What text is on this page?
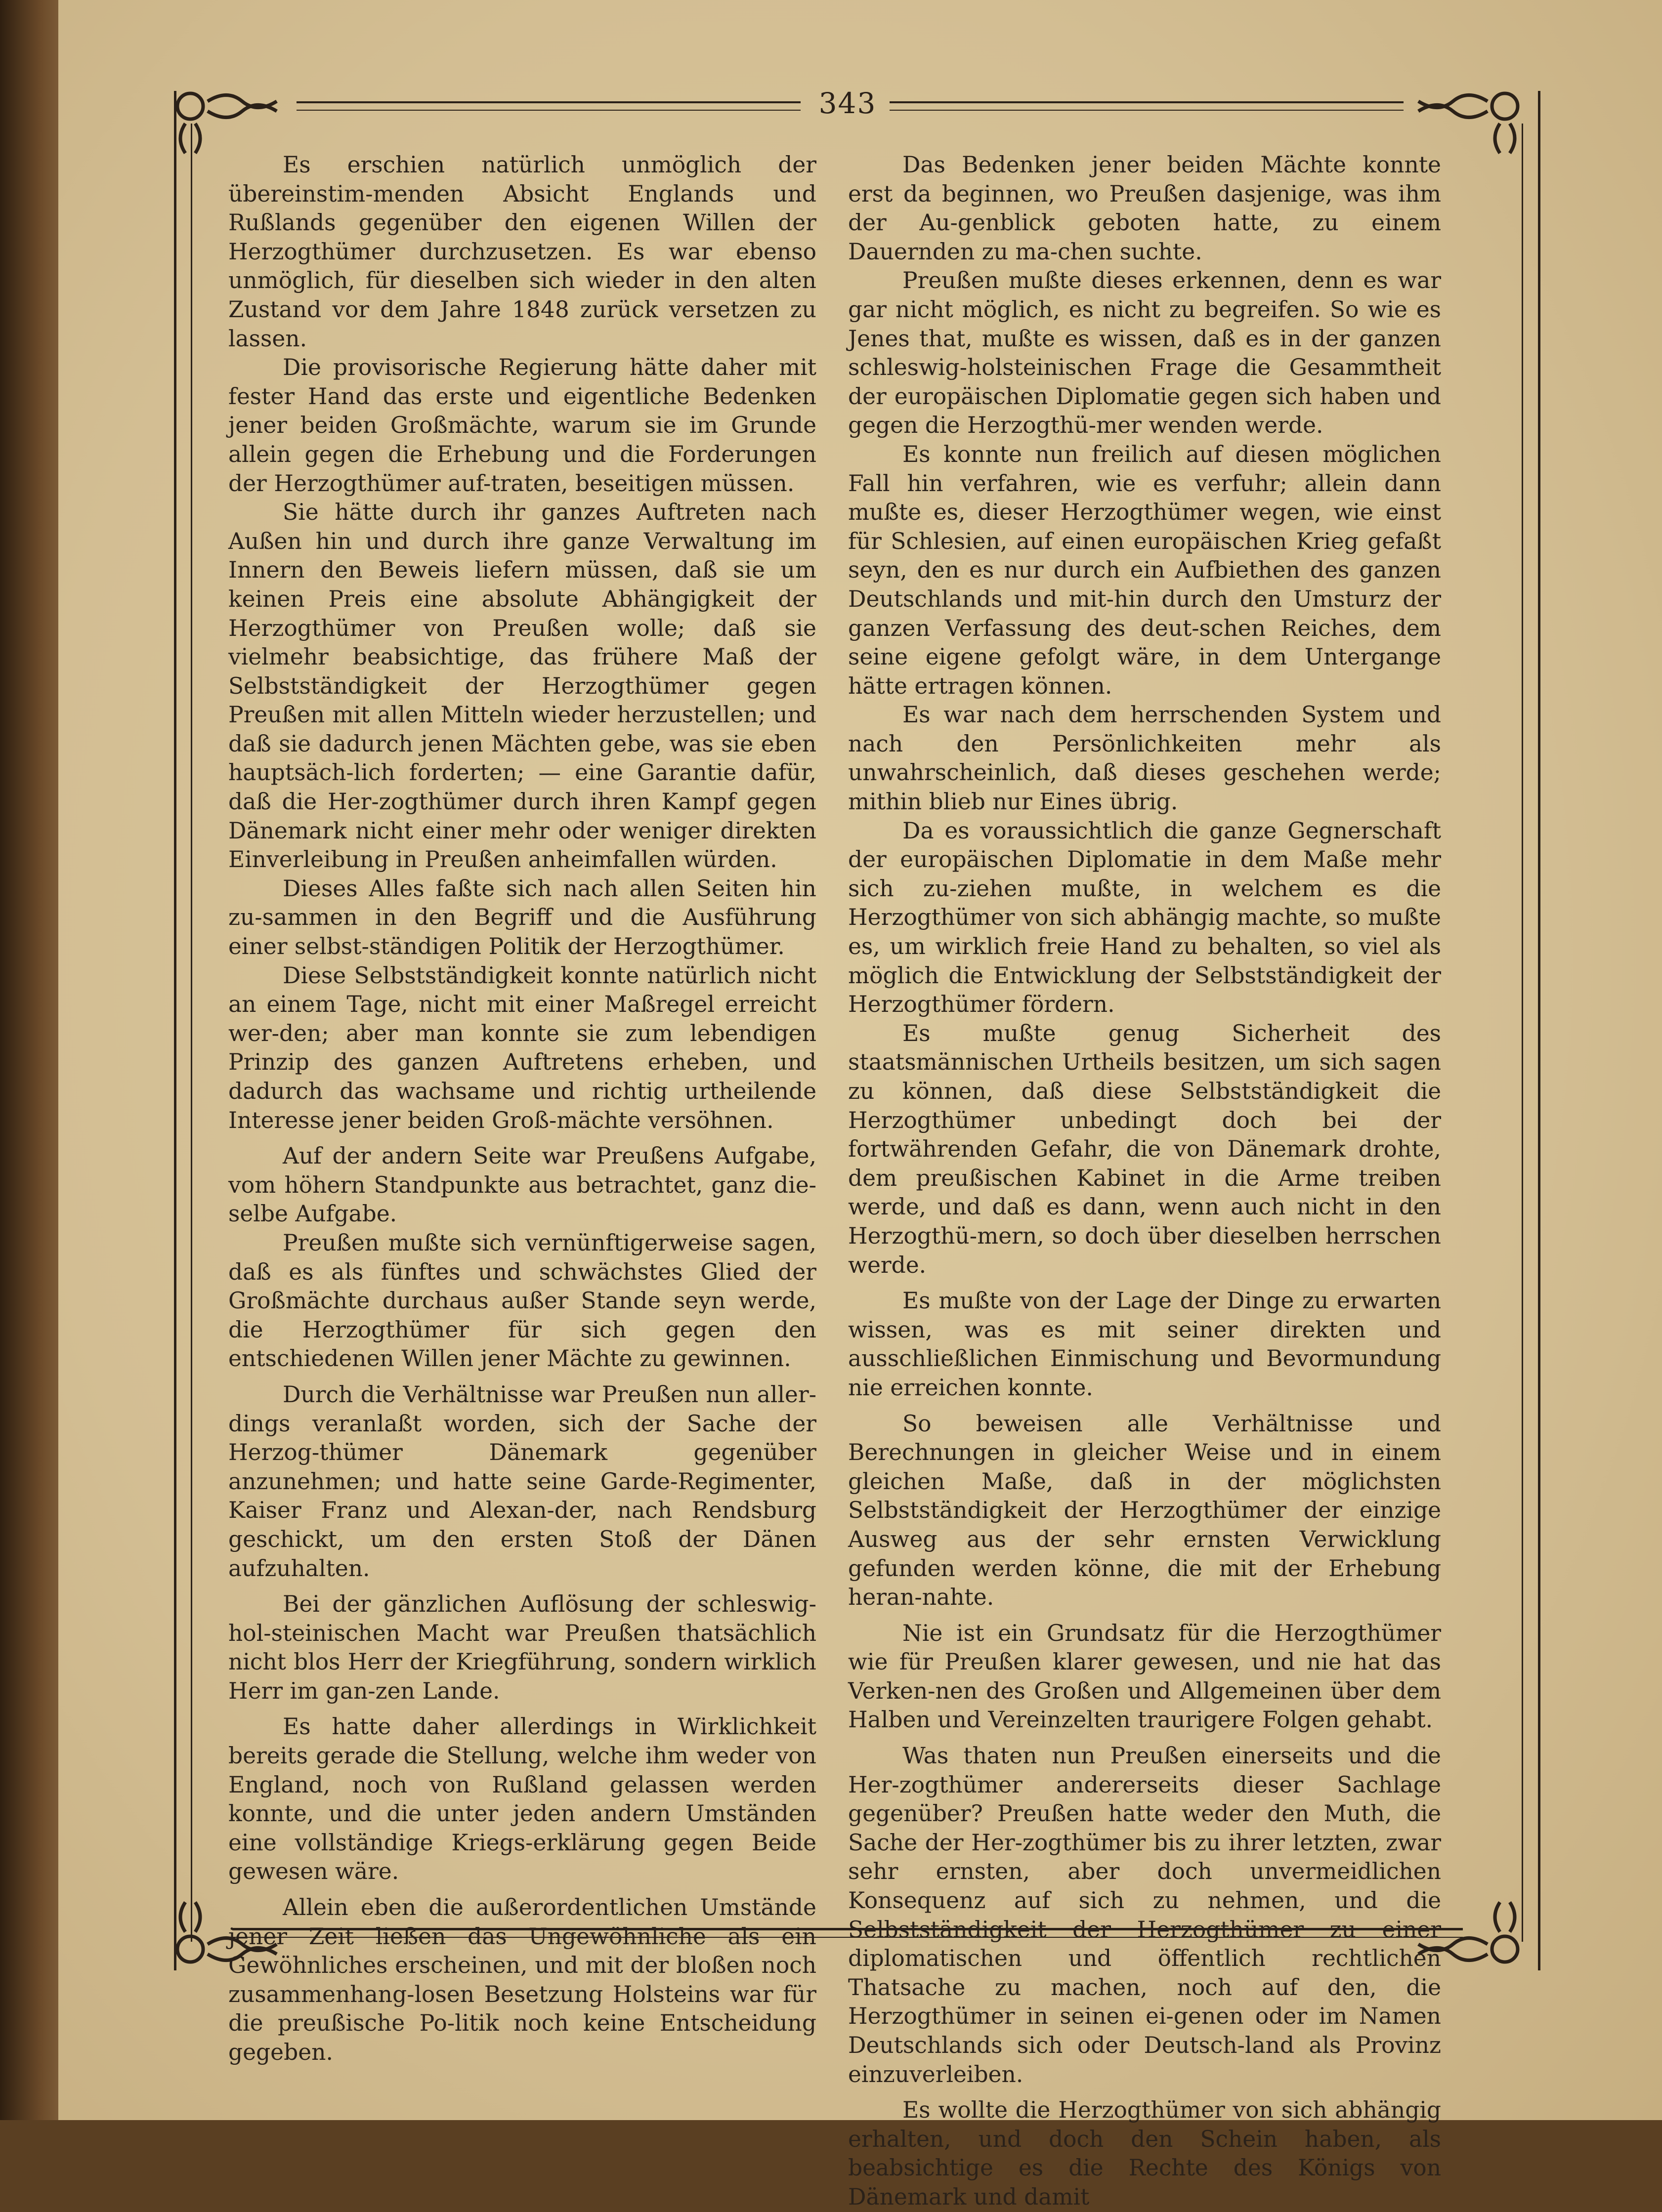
343

Es erschien natürlich unmöglich der übereinstim-menden Absicht Englands und Rußlands gegenüber den eigenen Willen der Herzogthümer durchzusetzen. Es war ebenso unmöglich, für dieselben sich wieder in den alten Zustand vor dem Jahre 1848 zurück versetzen zu lassen.

Die provisorische Regierung hätte daher mit fester Hand das erste und eigentliche Bedenken jener beiden Großmächte, warum sie im Grunde allein gegen die Erhebung und die Forderungen der Herzogthümer auf-traten, beseitigen müssen.

Sie hätte durch ihr ganzes Auftreten nach Außen hin und durch ihre ganze Verwaltung im Innern den Beweis liefern müssen, daß sie um keinen Preis eine absolute Abhängigkeit der Herzogthümer von Preußen wolle; daß sie vielmehr beabsichtige, das frühere Maß der Selbstständigkeit der Herzogthümer gegen Preußen mit allen Mitteln wieder herzustellen; und daß sie dadurch jenen Mächten gebe, was sie eben hauptsäch-lich forderten; — eine Garantie dafür, daß die Her-zogthümer durch ihren Kampf gegen Dänemark nicht einer mehr oder weniger direkten Einverleibung in Preußen anheimfallen würden.

Dieses Alles faßte sich nach allen Seiten hin zu-sammen in den Begriff und die Ausführung einer selbst-ständigen Politik der Herzogthümer.

Diese Selbstständigkeit konnte natürlich nicht an einem Tage, nicht mit einer Maßregel erreicht wer-den; aber man konnte sie zum lebendigen Prinzip des ganzen Auftretens erheben, und dadurch das wachsame und richtig urtheilende Interesse jener beiden Groß-mächte versöhnen.

Auf der andern Seite war Preußens Aufgabe, vom höhern Standpunkte aus betrachtet, ganz die-selbe Aufgabe.

Preußen mußte sich vernünftigerweise sagen, daß es als fünftes und schwächstes Glied der Großmächte durchaus außer Stande seyn werde, die Herzogthümer für sich gegen den entschiedenen Willen jener Mächte zu gewinnen.

Durch die Verhältnisse war Preußen nun aller-dings veranlaßt worden, sich der Sache der Herzog-thümer Dänemark gegenüber anzunehmen; und hatte seine Garde-Regimenter, Kaiser Franz und Alexan-der, nach Rendsburg geschickt, um den ersten Stoß der Dänen aufzuhalten.

Bei der gänzlichen Auflösung der schleswig-hol-steinischen Macht war Preußen thatsächlich nicht blos Herr der Kriegführung, sondern wirklich Herr im gan-zen Lande.

Es hatte daher allerdings in Wirklichkeit bereits gerade die Stellung, welche ihm weder von England, noch von Rußland gelassen werden konnte, und die unter jeden andern Umständen eine vollständige Kriegs-erklärung gegen Beide gewesen wäre.

Allein eben die außerordentlichen Umstände jener Zeit ließen das Ungewöhnliche als ein Gewöhnliches erscheinen, und mit der bloßen noch zusammenhang-losen Besetzung Holsteins war für die preußische Po-litik noch keine Entscheidung gegeben.

Das Bedenken jener beiden Mächte konnte erst da beginnen, wo Preußen dasjenige, was ihm der Au-genblick geboten hatte, zu einem Dauernden zu ma-chen suchte.

Preußen mußte dieses erkennen, denn es war gar nicht möglich, es nicht zu begreifen. So wie es Jenes that, mußte es wissen, daß es in der ganzen schleswig-holsteinischen Frage die Gesammtheit der europäischen Diplomatie gegen sich haben und gegen die Herzogthü-mer wenden werde.

Es konnte nun freilich auf diesen möglichen Fall hin verfahren, wie es verfuhr; allein dann mußte es, dieser Herzogthümer wegen, wie einst für Schlesien, auf einen europäischen Krieg gefaßt seyn, den es nur durch ein Aufbiethen des ganzen Deutschlands und mit-hin durch den Umsturz der ganzen Verfassung des deut-schen Reiches, dem seine eigene gefolgt wäre, in dem Untergange hätte ertragen können.

Es war nach dem herrschenden System und nach den Persönlichkeiten mehr als unwahrscheinlich, daß dieses geschehen werde; mithin blieb nur Eines übrig.

Da es voraussichtlich die ganze Gegnerschaft der europäischen Diplomatie in dem Maße mehr sich zu-ziehen mußte, in welchem es die Herzogthümer von sich abhängig machte, so mußte es, um wirklich freie Hand zu behalten, so viel als möglich die Entwicklung der Selbstständigkeit der Herzogthümer fördern.

Es mußte genug Sicherheit des staatsmännischen Urtheils besitzen, um sich sagen zu können, daß diese Selbstständigkeit die Herzogthümer unbedingt doch bei der fortwährenden Gefahr, die von Dänemark drohte, dem preußischen Kabinet in die Arme treiben werde, und daß es dann, wenn auch nicht in den Herzogthü-mern, so doch über dieselben herrschen werde.

Es mußte von der Lage der Dinge zu erwarten wissen, was es mit seiner direkten und ausschließlichen Einmischung und Bevormundung nie erreichen konnte.

So beweisen alle Verhältnisse und Berechnungen in gleicher Weise und in einem gleichen Maße, daß in der möglichsten Selbstständigkeit der Herzogthümer der einzige Ausweg aus der sehr ernsten Verwicklung gefunden werden könne, die mit der Erhebung heran-nahte.

Nie ist ein Grundsatz für die Herzogthümer wie für Preußen klarer gewesen, und nie hat das Verken-nen des Großen und Allgemeinen über dem Halben und Vereinzelten traurigere Folgen gehabt.

Was thaten nun Preußen einerseits und die Her-zogthümer andererseits dieser Sachlage gegenüber? Preußen hatte weder den Muth, die Sache der Her-zogthümer bis zu ihrer letzten, zwar sehr ernsten, aber doch unvermeidlichen Konsequenz auf sich zu nehmen, und die Selbstständigkeit der Herzogthümer zu einer diplomatischen und öffentlich rechtlichen Thatsache zu machen, noch auf den, die Herzogthümer in seinen ei-genen oder im Namen Deutschlands sich oder Deutsch-land als Provinz einzuverleiben.

Es wollte die Herzogthümer von sich abhängig erhalten, und doch den Schein haben, als beabsichtige es die Rechte des Königs von Dänemark und damit
